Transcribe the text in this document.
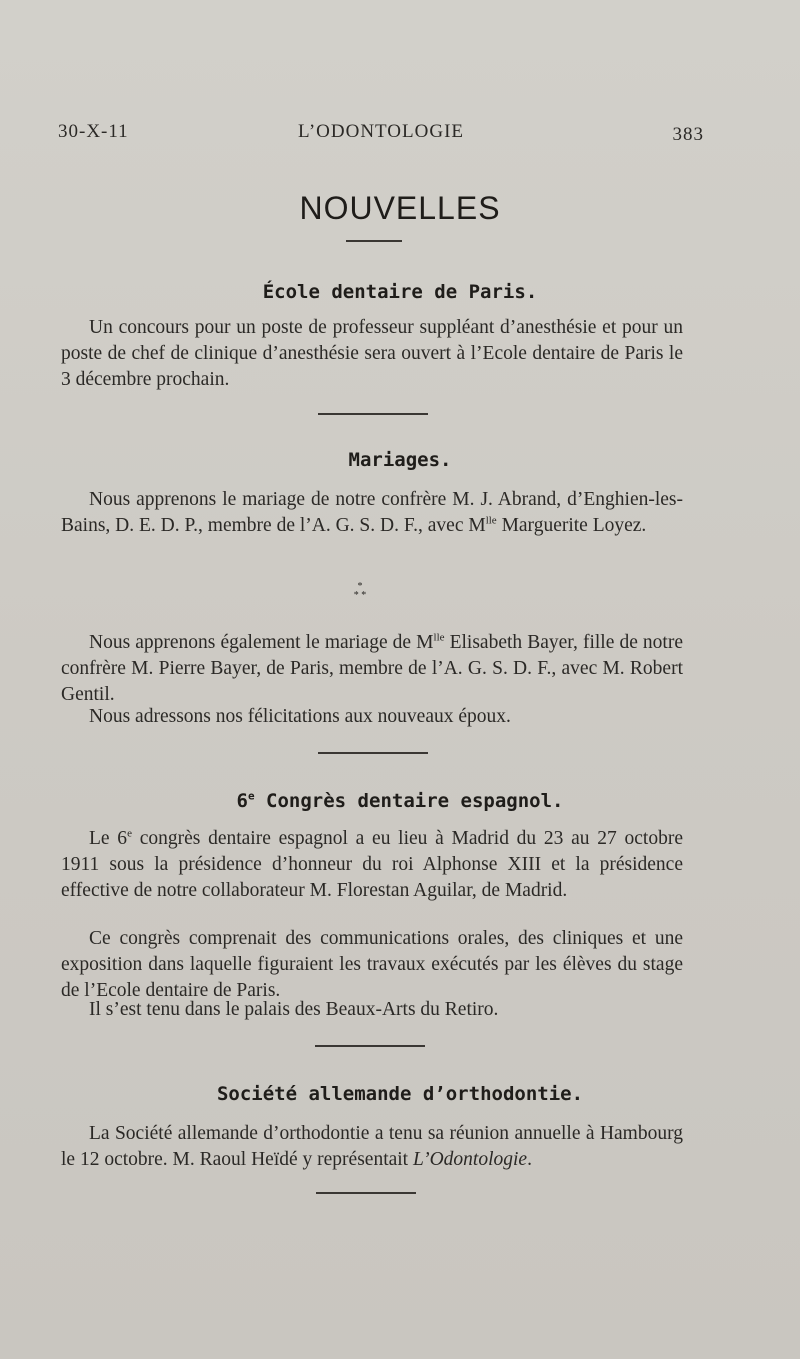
30-X-11	L’ODONTOLOGIE	383
NOUVELLES
École dentaire de Paris.

Un concours pour un poste de professeur suppléant d’anesthésie et pour un poste de chef de clinique d’anesthésie sera ouvert à l’Ecole dentaire de Paris le 3 décembre prochain.

Mariages.

Nous apprenons le mariage de notre confrère M. J. Abrand, d’Enghien-les-Bains, D. E. D. P., membre de l’A. G. S. D. F., avec $M^{lle}$ Marguerite Loyez.

*
* *

Nous apprenons également le mariage de $M^{lle}$ Elisabeth Bayer, fille de notre confrère M. Pierre Bayer, de Paris, membre de l’A. G. S. D. F., avec M. Robert Gentil.

Nous adressons nos félicitations aux nouveaux époux.

6e Congrès dentaire espagnol.

Le 6e congrès dentaire espagnol a eu lieu à Madrid du 23 au 27 octobre 1911 sous la présidence d’honneur du roi Alphonse XIII et la présidence effective de notre collaborateur M. Florestan Aguilar, de Madrid.

Ce congrès comprenait des communications orales, des cliniques et une exposition dans laquelle figuraient les travaux exécutés par les élèves du stage de l’Ecole dentaire de Paris.

Il s’est tenu dans le palais des Beaux-Arts du Retiro.

Société allemande d’orthodontie.

La Société allemande d’orthodontie a tenu sa réunion annuelle à Hambourg le 12 octobre. M. Raoul Heïdé y représentait L’Odontologie.
